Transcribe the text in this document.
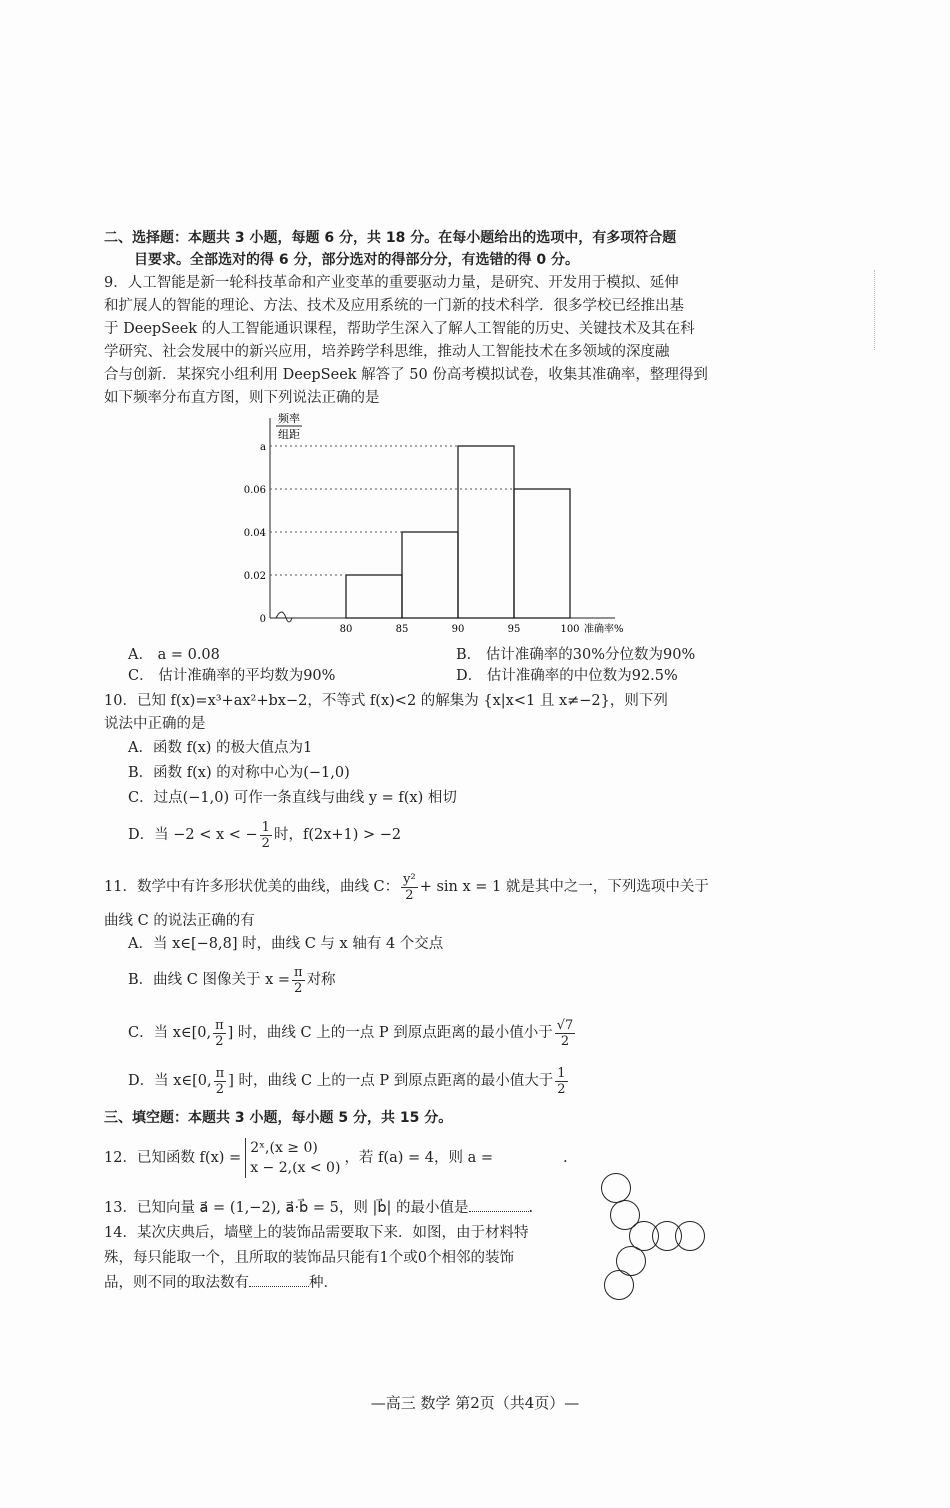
二、选择题：本题共 3 小题，每题 6 分，共 18 分。在每小题给出的选项中，有多项符合题
目要求。全部选对的得 6 分，部分选对的得部分分，有选错的得 0 分。
9．人工智能是新一轮科技革命和产业变革的重要驱动力量，是研究、开发用于模拟、延伸
和扩展人的智能的理论、方法、技术及应用系统的一门新的技术科学．很多学校已经推出基
于 DeepSeek 的人工智能通识课程，帮助学生深入了解人工智能的历史、关键技术及其在科
学研究、社会发展中的新兴应用，培养跨学科思维，推动人工智能技术在多领域的深度融
合与创新．某探究小组利用 DeepSeek 解答了 50 份高考模拟试卷，收集其准确率，整理得到
如下频率分布直方图，则下列说法正确的是
频率
组距
0
0.02
0.04
0.06
a
80	85	90	95	100 准确率%
A． a = 0.08	B． 估计准确率的30%分位数为90%
C． 估计准确率的平均数为90%	D． 估计准确率的中位数为92.5%
10．已知 f(x)=x³+ax²+bx−2，不等式 f(x)<2 的解集为 {x|x<1 且 x≠−2}，则下列
说法中正确的是
A．函数 f(x) 的极大值点为1
B．函数 f(x) 的对称中心为(−1,0)
C．过点(−1,0) 可作一条直线与曲线 y = f(x) 相切
D．当 −2 < x < − $\frac{1}{2}$ 时，f(2x+1) > −2
11．数学中有许多形状优美的曲线，曲线 C： $\frac{\text{y²}}{2} + \sin x = 1$ 就是其中之一，下列选项中关于
曲线 C 的说法正确的有
A．当 x∈[−8,8] 时，曲线 C 与 x 轴有 4 个交点
B．曲线 C 图像关于 $x = \frac{\pi}{2}$ 对称
C．当 x∈[0, $\frac{\pi}{2}$ ] 时，曲线 C 上的一点 P 到原点距离的最小值小于 $\frac{√7}{2}$
D．当 x∈[0, $\frac{\pi}{2}$ ] 时，曲线 C 上的一点 P 到原点距离的最小值大于 $\frac{1}{2}$
三、填空题：本题共 3 小题，每小题 5 分，共 15 分。
12．已知函数 f(x) =
2ˣ,(x ≥ 0)
x − 2,(x < 0)
，若 f(a) = 4，则 a =	.
13．已知向量 a⃗ = (1,−2), a⃗·b⃗ = 5，则 |b⃗| 的最小值是	.
14．某次庆典后，墙壁上的装饰品需要取下来．如图，由于材料特
殊，每只能取一个，且所取的装饰品只能有1个或0个相邻的装饰
品，则不同的取法数有	种．
—高三 数学 第2页（共4页）—
